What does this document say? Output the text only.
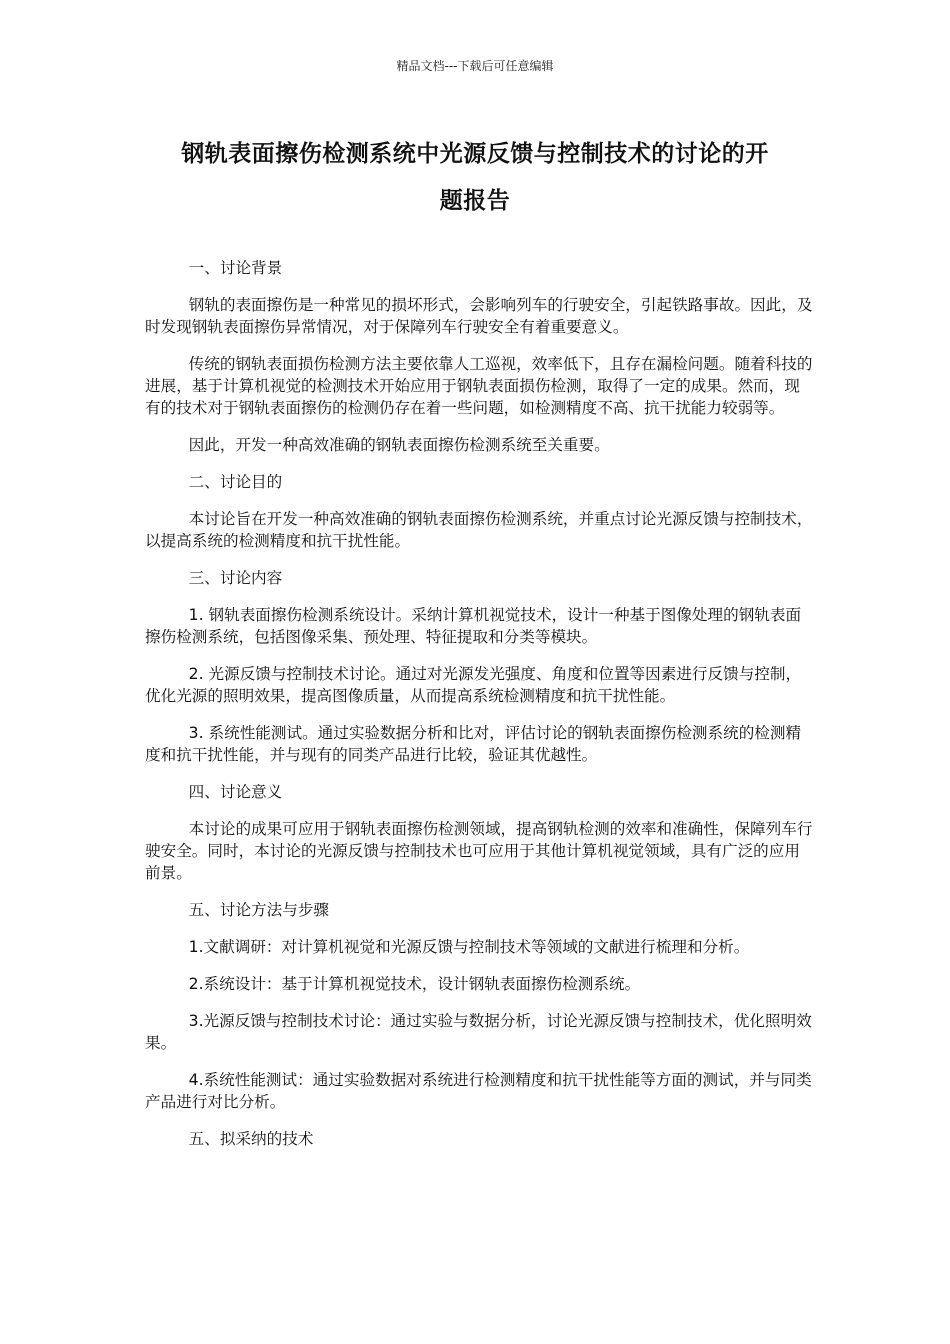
精品文档---下载后可任意编辑
钢轨表面擦伤检测系统中光源反馈与控制技术的讨论的开
题报告

一、讨论背景

钢轨的表面擦伤是一种常见的损坏形式，会影响列车的行驶安全，引起铁路事故。因此，及时发现钢轨表面擦伤异常情况，对于保障列车行驶安全有着重要意义。

传统的钢轨表面损伤检测方法主要依靠人工巡视，效率低下，且存在漏检问题。随着科技的进展，基于计算机视觉的检测技术开始应用于钢轨表面损伤检测，取得了一定的成果。然而，现有的技术对于钢轨表面擦伤的检测仍存在着一些问题，如检测精度不高、抗干扰能力较弱等。

因此，开发一种高效准确的钢轨表面擦伤检测系统至关重要。

二、讨论目的

本讨论旨在开发一种高效准确的钢轨表面擦伤检测系统，并重点讨论光源反馈与控制技术，以提高系统的检测精度和抗干扰性能。

三、讨论内容

1. 钢轨表面擦伤检测系统设计。采纳计算机视觉技术，设计一种基于图像处理的钢轨表面擦伤检测系统，包括图像采集、预处理、特征提取和分类等模块。

2. 光源反馈与控制技术讨论。通过对光源发光强度、角度和位置等因素进行反馈与控制，优化光源的照明效果，提高图像质量，从而提高系统检测精度和抗干扰性能。

3. 系统性能测试。通过实验数据分析和比对，评估讨论的钢轨表面擦伤检测系统的检测精度和抗干扰性能，并与现有的同类产品进行比较，验证其优越性。

四、讨论意义

本讨论的成果可应用于钢轨表面擦伤检测领域，提高钢轨检测的效率和准确性，保障列车行驶安全。同时，本讨论的光源反馈与控制技术也可应用于其他计算机视觉领域，具有广泛的应用前景。

五、讨论方法与步骤

1.文献调研：对计算机视觉和光源反馈与控制技术等领域的文献进行梳理和分析。

2.系统设计：基于计算机视觉技术，设计钢轨表面擦伤检测系统。

3.光源反馈与控制技术讨论：通过实验与数据分析，讨论光源反馈与控制技术，优化照明效果。

4.系统性能测试：通过实验数据对系统进行检测精度和抗干扰性能等方面的测试，并与同类产品进行对比分析。

五、拟采纳的技术
